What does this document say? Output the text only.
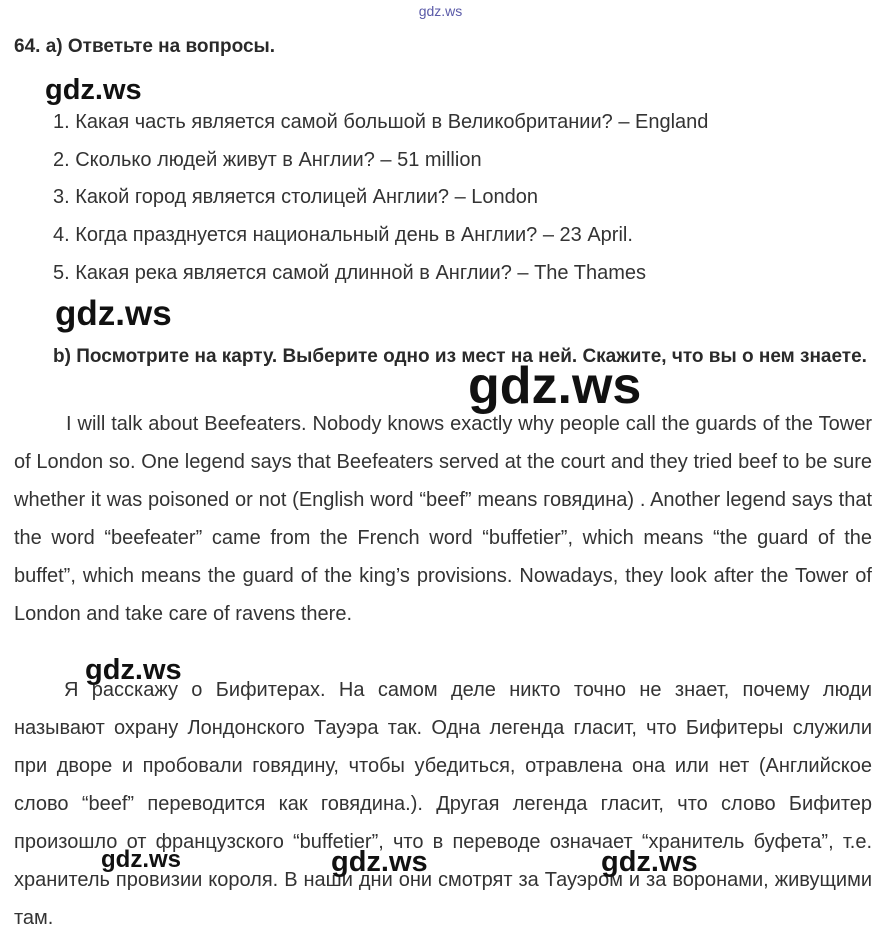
gdz.ws
64. a) Ответьте на вопросы.
gdz.ws
1. Какая часть является самой большой в Великобритании? – England
2. Сколько людей живут в Англии? – 51 million
3. Какой город является столицей Англии? – London
4. Когда празднуется национальный день в Англии? – 23 April.
5. Какая река является самой длинной в Англии? – The Thames
gdz.ws
b) Посмотрите на карту. Выберите одно из мест на ней. Скажите, что вы о нем знаете.
gdz.ws

I will talk about Beefeaters. Nobody knows exactly why people call the guards of the Tower of London so. One legend says that Beefeaters served at the court and they tried beef to be sure whether it was poisoned or not (English word “beef” means говядина) . Another legend says that the word “beefeater” came from the French word “buffetier”, which means “the guard of the buffet”, which means the guard of the king’s provisions. Nowadays, they look after the Tower of London and take care of ravens there.

Я расскажу о Бифитерах. На самом деле никто точно не знает, почему люди называют охрану Лондонского Тауэра так. Одна легенда гласит, что Бифитеры служили при дворе и пробовали говядину, чтобы убедиться, отравлена она или нет (Английское слово “beef” переводится как говядина.). Другая легенда гласит, что слово Бифитер произошло от французского “buffetier”, что в переводе означает “хранитель буфета”, т.е. хранитель провизии короля. В наши дни они смотрят за Тауэром и за воронами, живущими там.

gdz.ws
gdz.ws	gdz.ws	gdz.ws
